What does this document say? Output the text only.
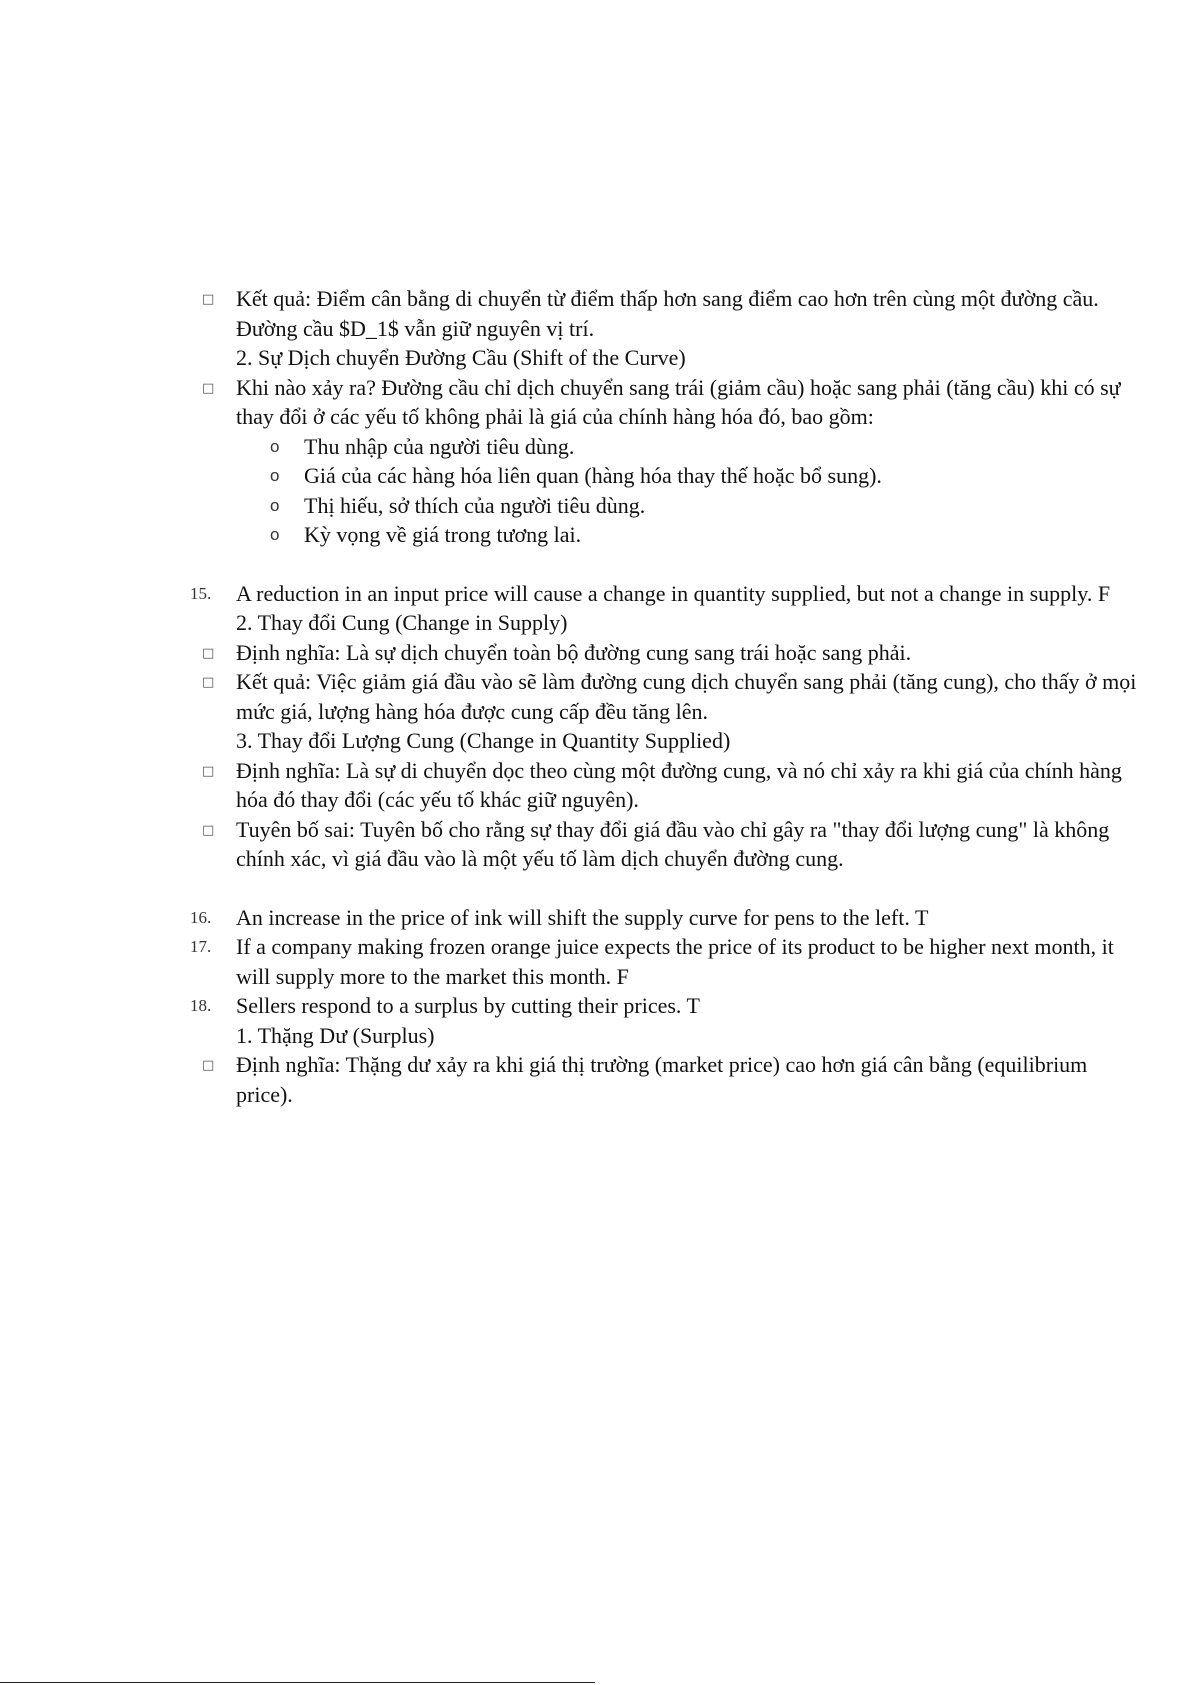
□ Kết quả: Điểm cân bằng di chuyển từ điểm thấp hơn sang điểm cao hơn trên cùng một đường cầu. Đường cầu $D_1$ vẫn giữ nguyên vị trí.
2. Sự Dịch chuyển Đường Cầu (Shift of the Curve)
□ Khi nào xảy ra? Đường cầu chỉ dịch chuyển sang trái (giảm cầu) hoặc sang phải (tăng cầu) khi có sự thay đổi ở các yếu tố không phải là giá của chính hàng hóa đó, bao gồm:
o	Thu nhập của người tiêu dùng.
o	Giá của các hàng hóa liên quan (hàng hóa thay thế hoặc bổ sung).
o	Thị hiếu, sở thích của người tiêu dùng.
o	Kỳ vọng về giá trong tương lai.
15.	A reduction in an input price will cause a change in quantity supplied, but not a change in supply. F
2. Thay đổi Cung (Change in Supply)
□ Định nghĩa: Là sự dịch chuyển toàn bộ đường cung sang trái hoặc sang phải.
□ Kết quả: Việc giảm giá đầu vào sẽ làm đường cung dịch chuyển sang phải (tăng cung), cho thấy ở mọi mức giá, lượng hàng hóa được cung cấp đều tăng lên.
3. Thay đổi Lượng Cung (Change in Quantity Supplied)
□ Định nghĩa: Là sự di chuyển dọc theo cùng một đường cung, và nó chỉ xảy ra khi giá của chính hàng hóa đó thay đổi (các yếu tố khác giữ nguyên).
□ Tuyên bố sai: Tuyên bố cho rằng sự thay đổi giá đầu vào chỉ gây ra "thay đổi lượng cung" là không chính xác, vì giá đầu vào là một yếu tố làm dịch chuyển đường cung.
16.	An increase in the price of ink will shift the supply curve for pens to the left. T
17.	If a company making frozen orange juice expects the price of its product to be higher next month, it will supply more to the market this month. F
18.	Sellers respond to a surplus by cutting their prices. T
1. Thặng Dư (Surplus)
□ Định nghĩa: Thặng dư xảy ra khi giá thị trường (market price) cao hơn giá cân bằng (equilibrium price).
